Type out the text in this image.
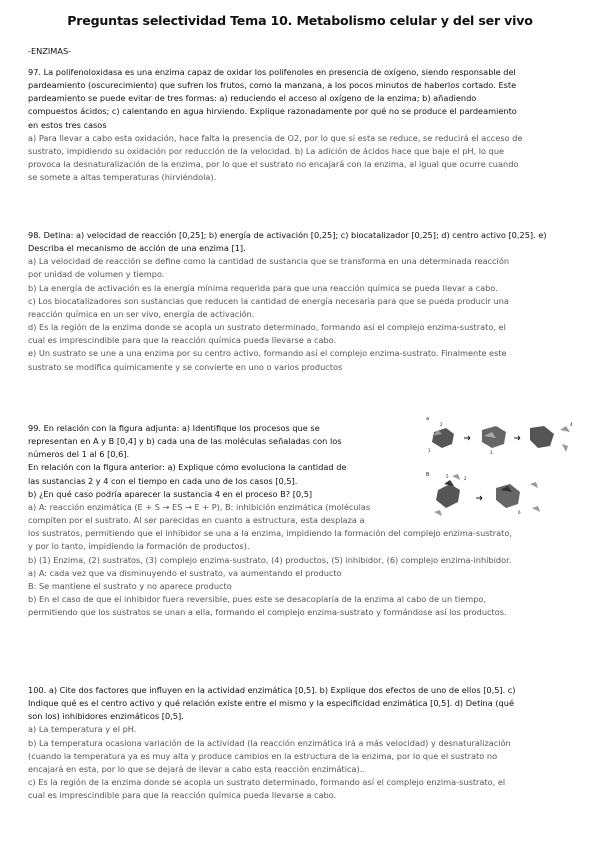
Preguntas selectividad Tema 10. Metabolismo celular y del ser vivo
-ENZIMAS-
97. La polifenoloxidasa es una enzima capaz de oxidar los polifenoles en presencia de oxígeno, siendo responsable del
pardeamiento (oscurecimiento) que sufren los frutos, como la manzana, a los pocos minutos de haberlos cortado. Este
pardeamiento se puede evitar de tres formas: a) reduciendo el acceso al oxígeno de la enzima; b) añadiendo
compuestos ácidos; c) calentando en agua hirviendo. Explique razonadamente por qué no se produce el pardeamiento
en estos tres casos
a) Para llevar a cabo esta oxidación, hace falta la presencia de O2, por lo que si esta se reduce, se reducirá el acceso de
sustrato, impidiendo su oxidación por reducción de la velocidad. b) La adición de ácidos hace que baje el pH, lo que
provoca la desnaturalización de la enzima, por lo que el sustrato no encajará con la enzima, al igual que ocurre cuando
se somete a altas temperaturas (hirviéndola).
98. Detina: a) velocidad de reacción [0,25]; b) energía de activación [0,25]; c) biocatalizador [0,25]; d) centro activo [0,25]. e)
Describa el mecanismo de acción de una enzima [1].
a) La velocidad de reacción se define como la cantidad de sustancia que se transforma en una determinada reacción
por unidad de volumen y tiempo.
b) La energía de activación es la energía mínima requerida para que una reacción química se pueda llevar a cabo.
c) Los biocatalizadores son sustancias que reducen la cantidad de energía necesaria para que se pueda producir una
reacción química en un ser vivo, energía de activación.
d) Es la región de la enzima donde se acopla un sustrato determinado, formando así el complejo enzima-sustrato, el
cual es imprescindible para que la reacción química pueda llevarse a cabo.
e) Un sustrato se une a una enzima por su centro activo, formando así el complejo enzima-sustrato. Finalmente este
sustrato se modifica químicamente y se convierte en uno o varios productos
99. En relación con la figura adjunta: a) Identifique los procesos que se
representan en A y B [0,4] y b) cada una de las moléculas señaladas con los
números del 1 al 6 [0,6].
En relación con la figura anterior: a) Explique cómo evoluciona la cantidad de
las sustancias 2 y 4 con el tiempo en cada uno de los casos [0,5].
b) ¿En qué caso podría aparecer la sustancia 4 en el proceso B? [0,5]
a) A: reacción enzimática (E + S → ES → E + P), B: inhibición enzimática (moléculas
compiten por el sustrato. Al ser parecidas en cuanto a estructura, esta desplaza a
los sustratos, permitiendo que el inhibidor se una a la enzima, impidiendo la formación del complejo enzima-sustrato,
y por lo tanto, impidiendo la formación de productos).
b) (1) Enzima, (2) sustratos, (3) complejo enzima-sustrato, (4) productos, (5) inhibidor, (6) complejo enzima-inhibidor.
a) A: cada vez que va disminuyendo el sustrato, va aumentando el producto
B: Se mantiene el sustrato y no aparece producto
b) En el caso de que el inhibidor fuera reversible, pues este se desacoplaría de la enzima al cabo de un tiempo,
permitiendo que los sustratos se unan a ella, formando el complejo enzima-sustrato y formándose así los productos.
a
1
2
3
4
B
2
5
6
100. a) Cite dos factores que influyen en la actividad enzimática [0,5]. b) Explique dos efectos de uno de ellos [0,5]. c)
Indique qué es el centro activo y qué relación existe entre el mismo y la especificidad enzimática [0,5]. d) Detina (qué
son los) inhibidores enzimáticos [0,5].
a) La temperatura y el pH.
b) La temperatura ocasiona variación de la actividad (la reacción enzimática irá a más velocidad) y desnaturalización
(cuando la temperatura ya es muy alta y produce cambios en la estructura de la enzima, por lo que el sustrato no
encajará en esta, por lo que se dejará de llevar a cabo esta reacción enzimática)..
c) Es la región de la enzima donde se acopla un sustrato determinado, formando así el complejo enzima-sustrato, el
cual es imprescindible para que la reacción química pueda llevarse a cabo.
